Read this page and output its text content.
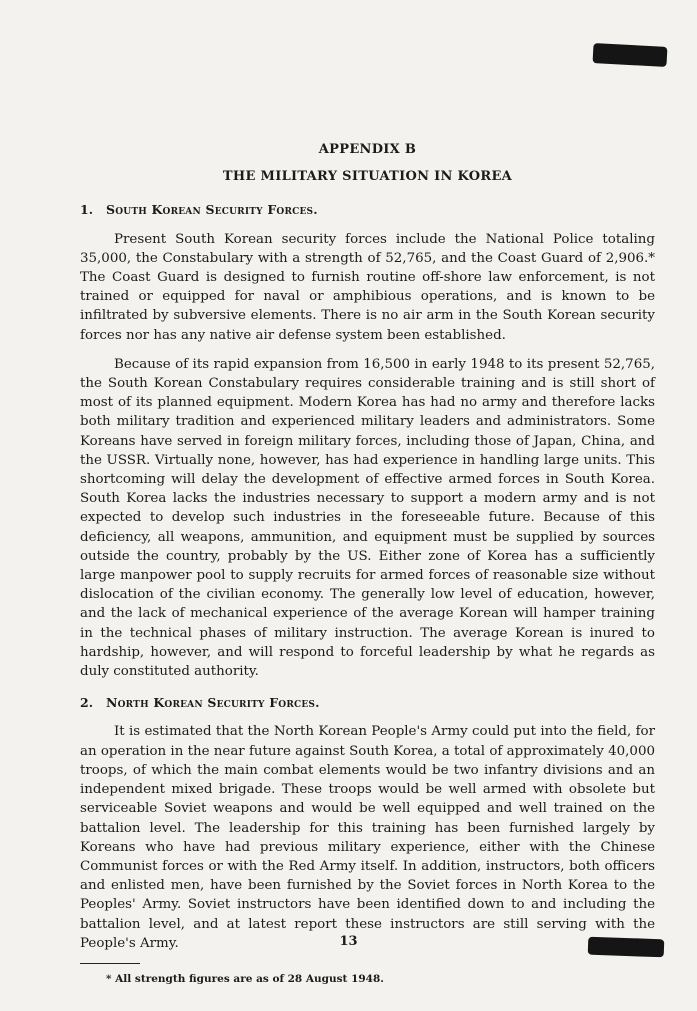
APPENDIX B
THE MILITARY SITUATION IN KOREA
1. South Korean Security Forces.

Present South Korean security forces include the National Police totaling 35,000, the Constabulary with a strength of 52,765, and the Coast Guard of 2,906.* The Coast Guard is designed to furnish routine off-shore law enforcement, is not trained or equipped for naval or amphibious operations, and is known to be infiltrated by subversive elements. There is no air arm in the South Korean security forces nor has any native air defense system been established.

Because of its rapid expansion from 16,500 in early 1948 to its present 52,765, the South Korean Constabulary requires considerable training and is still short of most of its planned equipment. Modern Korea has had no army and therefore lacks both military tradition and experienced military leaders and administrators. Some Koreans have served in foreign military forces, including those of Japan, China, and the USSR. Virtually none, however, has had experience in handling large units. This shortcoming will delay the development of effective armed forces in South Korea. South Korea lacks the industries necessary to support a modern army and is not expected to develop such industries in the foreseeable future. Because of this deficiency, all weapons, ammunition, and equipment must be supplied by sources outside the country, probably by the US. Either zone of Korea has a sufficiently large manpower pool to supply recruits for armed forces of reasonable size without dislocation of the civilian economy. The generally low level of education, however, and the lack of mechanical experience of the average Korean will hamper training in the technical phases of military instruction. The average Korean is inured to hardship, however, and will respond to forceful leadership by what he regards as duly constituted authority.

2. North Korean Security Forces.

It is estimated that the North Korean People's Army could put into the field, for an operation in the near future against South Korea, a total of approximately 40,000 troops, of which the main combat elements would be two infantry divisions and an independent mixed brigade. These troops would be well armed with obsolete but serviceable Soviet weapons and would be well equipped and well trained on the battalion level. The leadership for this training has been furnished largely by Koreans who have had previous military experience, either with the Chinese Communist forces or with the Red Army itself. In addition, instructors, both officers and enlisted men, have been furnished by the Soviet forces in North Korea to the Peoples' Army. Soviet instructors have been identified down to and including the battalion level, and at latest report these instructors are still serving with the People's Army.

* All strength figures are as of 28 August 1948.
13
